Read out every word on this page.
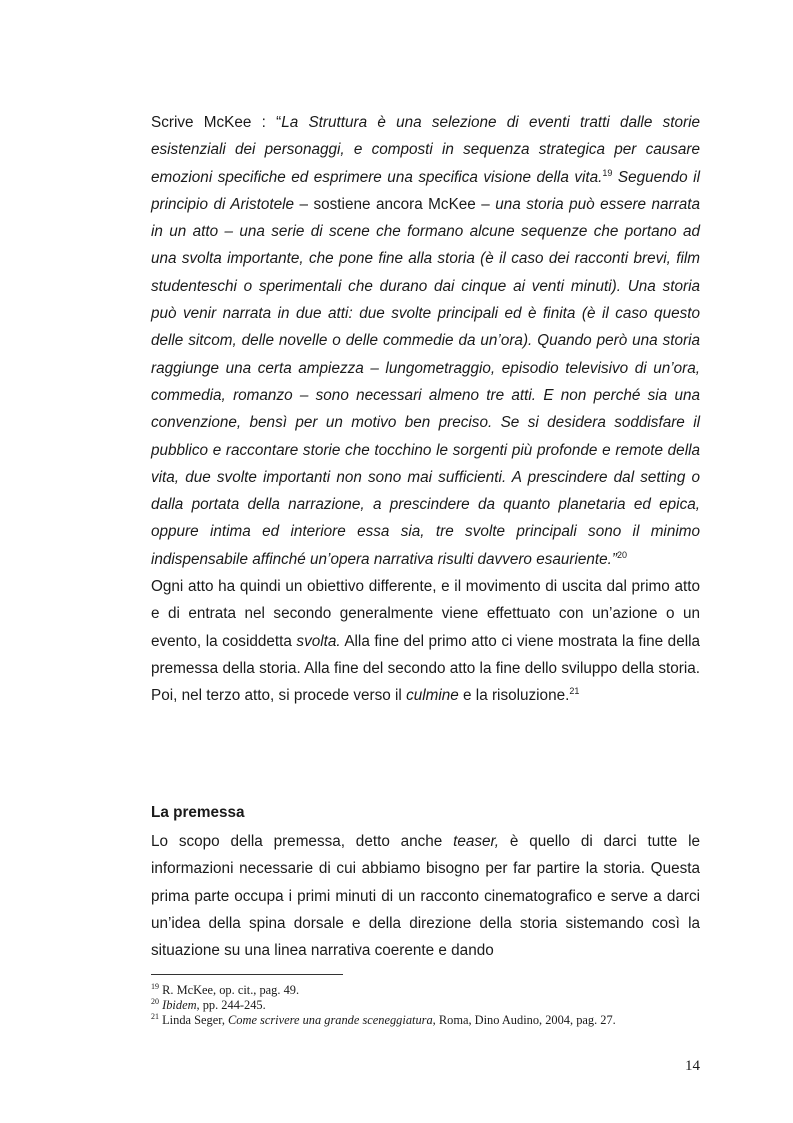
Scrive McKee : “La Struttura è una selezione di eventi tratti dalle storie esistenziali dei personaggi, e composti in sequenza strategica per causare emozioni specifiche ed esprimere una specifica visione della vita.$^{19}$ Seguendo il principio di Aristotele – sostiene ancora McKee – una storia può essere narrata in un atto – una serie di scene che formano alcune sequenze che portano ad una svolta importante, che pone fine alla storia (è il caso dei racconti brevi, film studenteschi o sperimentali che durano dai cinque ai venti minuti). Una storia può venir narrata in due atti: due svolte principali ed è finita (è il caso questo delle sitcom, delle novelle o delle commedie da un’ora). Quando però una storia raggiunge una certa ampiezza – lungometraggio, episodio televisivo di un’ora, commedia, romanzo – sono necessari almeno tre atti. E non perché sia una convenzione, bensì per un motivo ben preciso. Se si desidera soddisfare il pubblico e raccontare storie che tocchino le sorgenti più profonde e remote della vita, due svolte importanti non sono mai sufficienti. A prescindere dal setting o dalla portata della narrazione, a prescindere da quanto planetaria ed epica, oppure intima ed interiore essa sia, tre svolte principali sono il minimo indispensabile affinché un’opera narrativa risulti davvero esauriente.”$^{20}$
Ogni atto ha quindi un obiettivo differente, e il movimento di uscita dal primo atto e di entrata nel secondo generalmente viene effettuato con un’azione o un evento, la cosiddetta svolta. Alla fine del primo atto ci viene mostrata la fine della premessa della storia. Alla fine del secondo atto la fine dello sviluppo della storia. Poi, nel terzo atto, si procede verso il culmine e la risoluzione.$^{21}$
La premessa
Lo scopo della premessa, detto anche teaser, è quello di darci tutte le informazioni necessarie di cui abbiamo bisogno per far partire la storia. Questa prima parte occupa i primi minuti di un racconto cinematografico e serve a darci un’idea della spina dorsale e della direzione della storia sistemando così la situazione su una linea narrativa coerente e dando
$^{19}$ R. McKee, op. cit., pag. 49.
$^{20}$ Ibidem, pp. 244-245.
$^{21}$ Linda Seger, Come scrivere una grande sceneggiatura, Roma, Dino Audino, 2004, pag. 27.
14
